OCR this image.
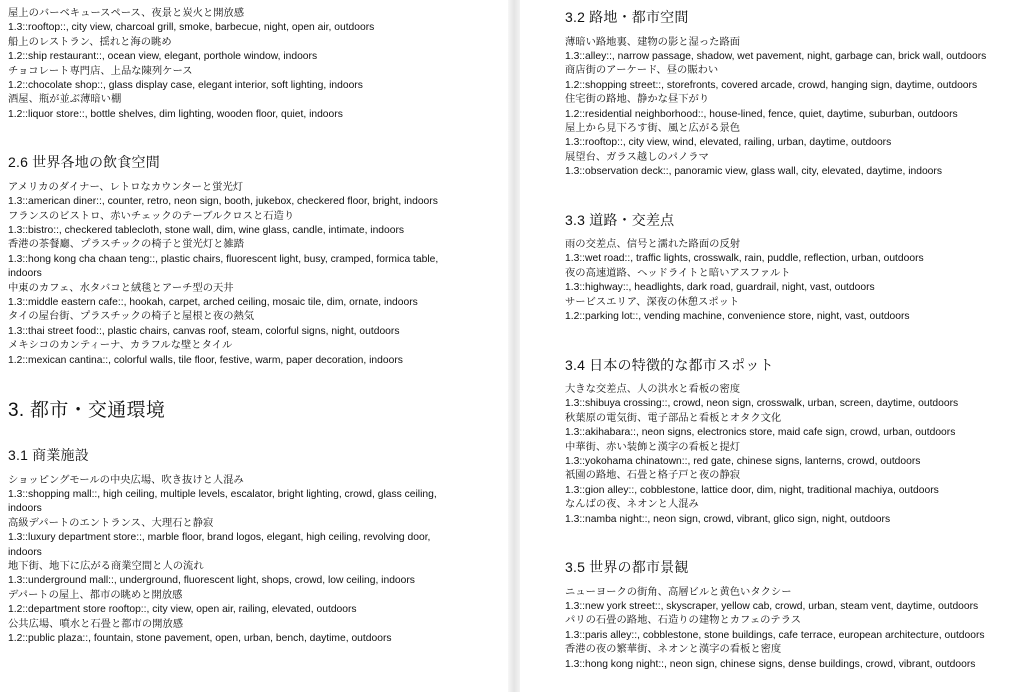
屋上のバーベキュースペース、夜景と炭火と開放感

1.3::rooftop::, city view, charcoal grill, smoke, barbecue, night, open air, outdoors

船上のレストラン、揺れと海の眺め

1.2::ship restaurant::, ocean view, elegant, porthole window, indoors

チョコレート専門店、上品な陳列ケース

1.2::chocolate shop::, glass display case, elegant interior, soft lighting, indoors

酒屋、瓶が並ぶ薄暗い棚

1.2::liquor store::, bottle shelves, dim lighting, wooden floor, quiet, indoors

2.6 世界各地の飲食空間

アメリカのダイナー、レトロなカウンターと蛍光灯

1.3::american diner::, counter, retro, neon sign, booth, jukebox, checkered floor, bright, indoors

フランスのビストロ、赤いチェックのテーブルクロスと石造り

1.3::bistro::, checkered tablecloth, stone wall, dim, wine glass, candle, intimate, indoors

香港の茶餐廳、プラスチックの椅子と蛍光灯と雑踏

1.3::hong kong cha chaan teng::, plastic chairs, fluorescent light, busy, cramped, formica table, indoors

中東のカフェ、水タバコと絨毯とアーチ型の天井

1.3::middle eastern cafe::, hookah, carpet, arched ceiling, mosaic tile, dim, ornate, indoors

タイの屋台街、プラスチックの椅子と屋根と夜の熱気

1.3::thai street food::, plastic chairs, canvas roof, steam, colorful signs, night, outdoors

メキシコのカンティーナ、カラフルな壁とタイル

1.2::mexican cantina::, colorful walls, tile floor, festive, warm, paper decoration, indoors

3. 都市・交通環境
3.1 商業施設

ショッピングモールの中央広場、吹き抜けと人混み

1.3::shopping mall::, high ceiling, multiple levels, escalator, bright lighting, crowd, glass ceiling, indoors

高級デパートのエントランス、大理石と静寂

1.3::luxury department store::, marble floor, brand logos, elegant, high ceiling, revolving door, indoors

地下街、地下に広がる商業空間と人の流れ

1.3::underground mall::, underground, fluorescent light, shops, crowd, low ceiling, indoors

デパートの屋上、都市の眺めと開放感

1.2::department store rooftop::, city view, open air, railing, elevated, outdoors

公共広場、噴水と石畳と都市の開放感

1.2::public plaza::, fountain, stone pavement, open, urban, bench, daytime, outdoors

3.2 路地・都市空間

薄暗い路地裏、建物の影と湿った路面

1.3::alley::, narrow passage, shadow, wet pavement, night, garbage can, brick wall, outdoors

商店街のアーケード、昼の賑わい

1.2::shopping street::, storefronts, covered arcade, crowd, hanging sign, daytime, outdoors

住宅街の路地、静かな昼下がり

1.2::residential neighborhood::, house-lined, fence, quiet, daytime, suburban, outdoors

屋上から見下ろす街、風と広がる景色

1.3::rooftop::, city view, wind, elevated, railing, urban, daytime, outdoors

展望台、ガラス越しのパノラマ

1.3::observation deck::, panoramic view, glass wall, city, elevated, daytime, indoors

3.3 道路・交差点

雨の交差点、信号と濡れた路面の反射

1.3::wet road::, traffic lights, crosswalk, rain, puddle, reflection, urban, outdoors

夜の高速道路、ヘッドライトと暗いアスファルト

1.3::highway::, headlights, dark road, guardrail, night, vast, outdoors

サービスエリア、深夜の休憩スポット

1.2::parking lot::, vending machine, convenience store, night, vast, outdoors

3.4 日本の特徴的な都市スポット

大きな交差点、人の洪水と看板の密度

1.3::shibuya crossing::, crowd, neon sign, crosswalk, urban, screen, daytime, outdoors

秋葉原の電気街、電子部品と看板とオタク文化

1.3::akihabara::, neon signs, electronics store, maid cafe sign, crowd, urban, outdoors

中華街、赤い装飾と漢字の看板と提灯

1.3::yokohama chinatown::, red gate, chinese signs, lanterns, crowd, outdoors

祇園の路地、石畳と格子戸と夜の静寂

1.3::gion alley::, cobblestone, lattice door, dim, night, traditional machiya, outdoors

なんばの夜、ネオンと人混み

1.3::namba night::, neon sign, crowd, vibrant, glico sign, night, outdoors

3.5 世界の都市景観

ニューヨークの街角、高層ビルと黄色いタクシー

1.3::new york street::, skyscraper, yellow cab, crowd, urban, steam vent, daytime, outdoors

パリの石畳の路地、石造りの建物とカフェのテラス

1.3::paris alley::, cobblestone, stone buildings, cafe terrace, european architecture, outdoors

香港の夜の繁華街、ネオンと漢字の看板と密度

1.3::hong kong night::, neon sign, chinese signs, dense buildings, crowd, vibrant, outdoors
